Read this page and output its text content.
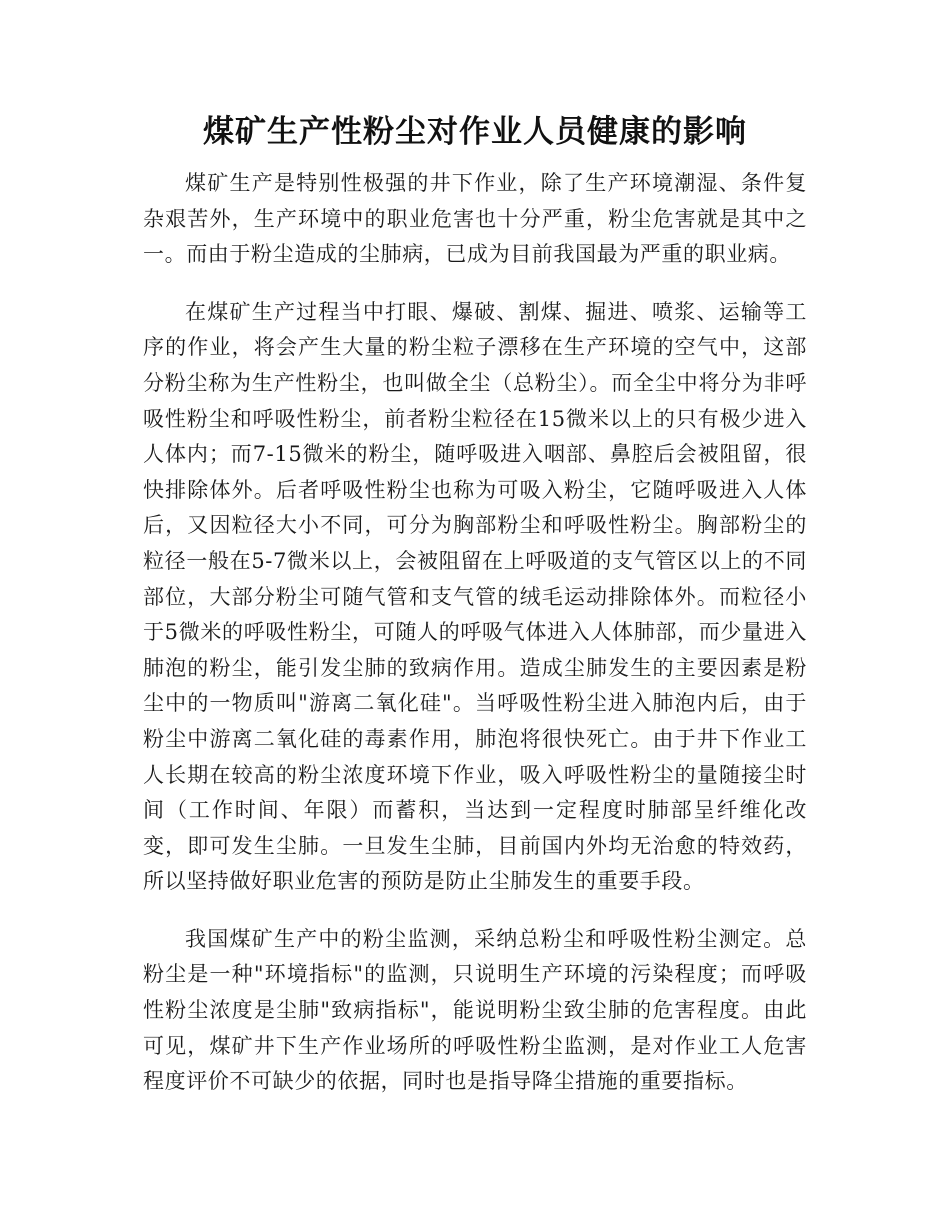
煤矿生产性粉尘对作业人员健康的影响

煤矿生产是特别性极强的井下作业，除了生产环境潮湿、条件复杂艰苦外，生产环境中的职业危害也十分严重，粉尘危害就是其中之一。而由于粉尘造成的尘肺病，已成为目前我国最为严重的职业病。

在煤矿生产过程当中打眼、爆破、割煤、掘进、喷浆、运输等工序的作业，将会产生大量的粉尘粒子漂移在生产环境的空气中，这部分粉尘称为生产性粉尘，也叫做全尘（总粉尘）。而全尘中将分为非呼吸性粉尘和呼吸性粉尘，前者粉尘粒径在15微米以上的只有极少进入人体内；而7-15微米的粉尘，随呼吸进入咽部、鼻腔后会被阻留，很快排除体外。后者呼吸性粉尘也称为可吸入粉尘，它随呼吸进入人体后，又因粒径大小不同，可分为胸部粉尘和呼吸性粉尘。胸部粉尘的粒径一般在5-7微米以上，会被阻留在上呼吸道的支气管区以上的不同部位，大部分粉尘可随气管和支气管的绒毛运动排除体外。而粒径小于5微米的呼吸性粉尘，可随人的呼吸气体进入人体肺部，而少量进入肺泡的粉尘，能引发尘肺的致病作用。造成尘肺发生的主要因素是粉尘中的一物质叫"游离二氧化硅"。当呼吸性粉尘进入肺泡内后，由于粉尘中游离二氧化硅的毒素作用，肺泡将很快死亡。由于井下作业工人长期在较高的粉尘浓度环境下作业，吸入呼吸性粉尘的量随接尘时间（工作时间、年限）而蓄积，当达到一定程度时肺部呈纤维化改变，即可发生尘肺。一旦发生尘肺，目前国内外均无治愈的特效药，所以坚持做好职业危害的预防是防止尘肺发生的重要手段。

我国煤矿生产中的粉尘监测，采纳总粉尘和呼吸性粉尘测定。总粉尘是一种"环境指标"的监测，只说明生产环境的污染程度；而呼吸性粉尘浓度是尘肺"致病指标"，能说明粉尘致尘肺的危害程度。由此可见，煤矿井下生产作业场所的呼吸性粉尘监测，是对作业工人危害程度评价不可缺少的依据，同时也是指导降尘措施的重要指标。
